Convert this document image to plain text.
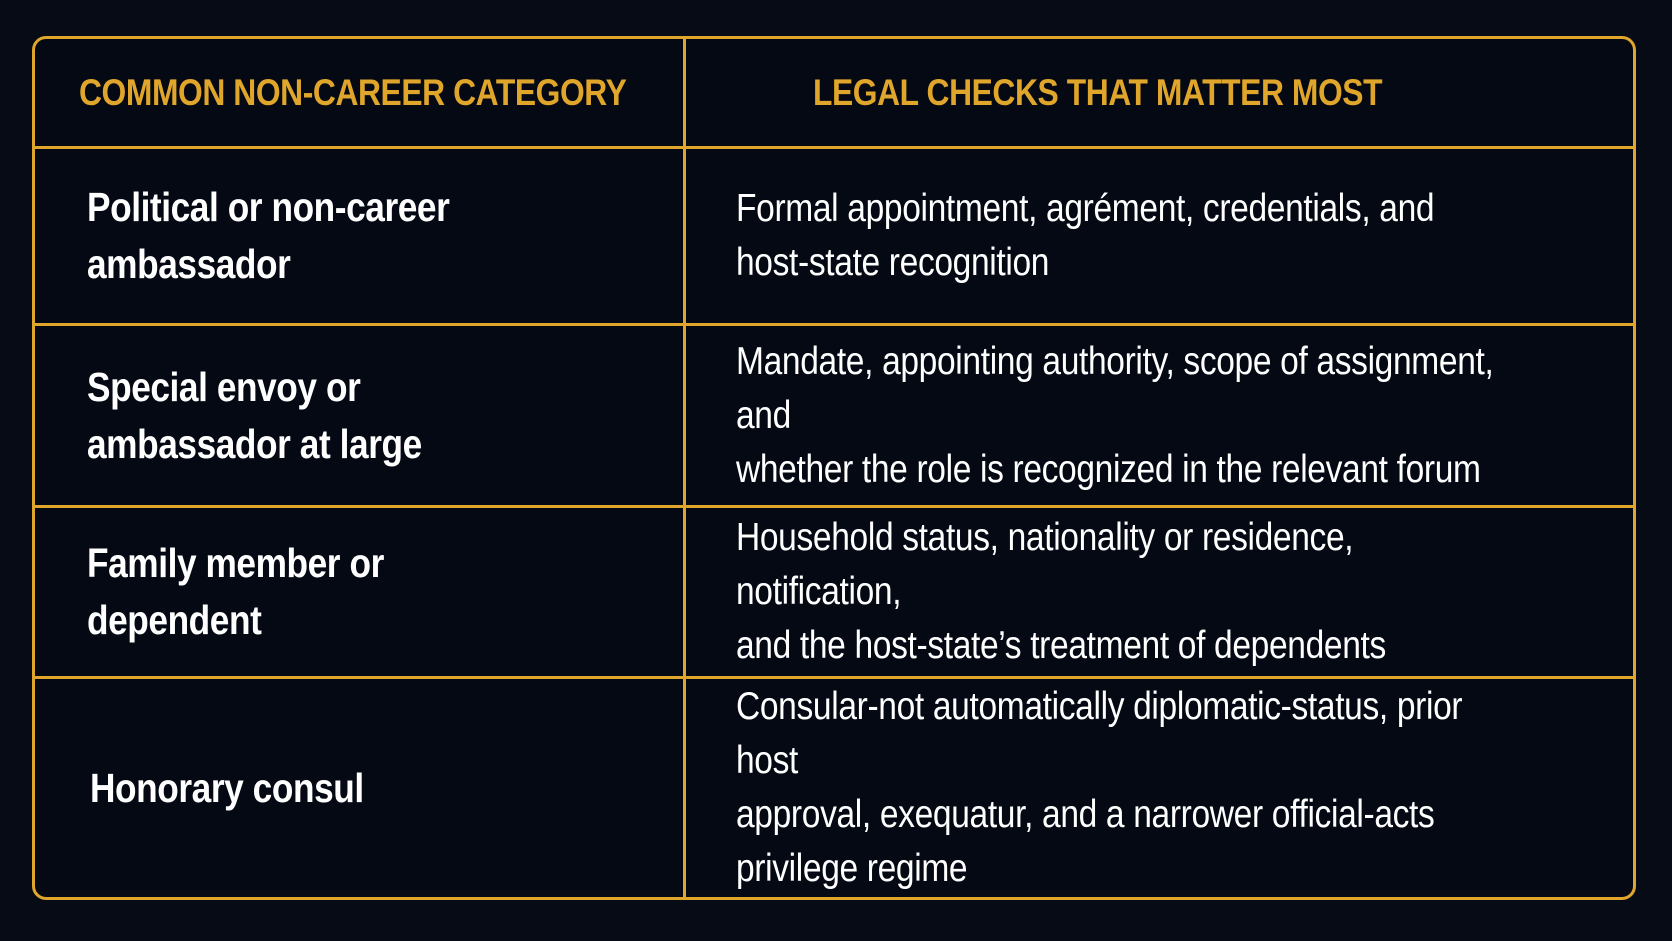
COMMON NON-CAREER CATEGORY	LEGAL CHECKS THAT MATTER MOST
Political or non-career
ambassador
Formal appointment, agrément, credentials, and
host-state recognition
Special envoy or
ambassador at large
Mandate, appointing authority, scope of assignment, and
whether the role is recognized in the relevant forum
Family member or
dependent
Household status, nationality or residence, notification,
and the host-state’s treatment of dependents
Honorary consul
Consular-not automatically diplomatic-status, prior host
approval, exequatur, and a narrower official-acts
privilege regime
